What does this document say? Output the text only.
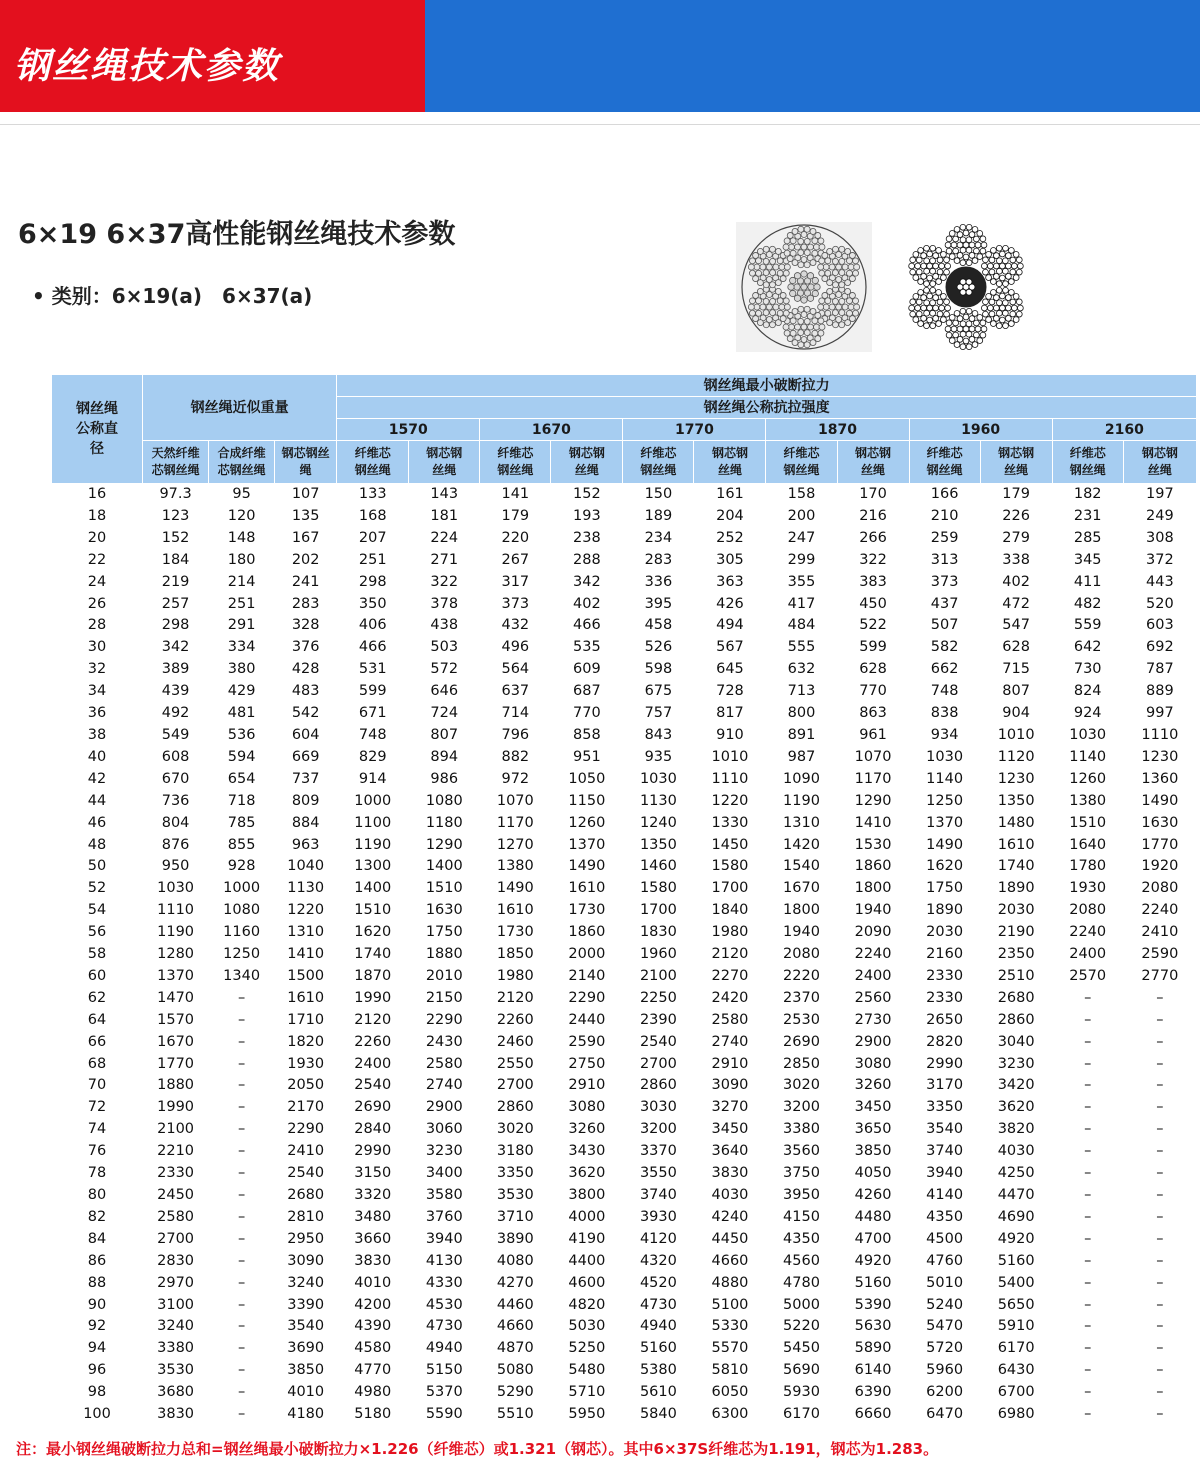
钢丝绳技术参数
6×19 6×37高性能钢丝绳技术参数
• 类别：6×19(a)　6×37(a)
钢丝绳公称直径	钢丝绳近似重量			钢丝绳最小破断拉力											
				钢丝绳公称抗拉强度											
				1570		1670		1770		1870		1960		2160	
	天然纤维芯钢丝绳	合成纤维芯钢丝绳	钢芯钢丝绳	纤维芯钢丝绳	钢芯钢丝绳	纤维芯钢丝绳	钢芯钢丝绳	纤维芯钢丝绳	钢芯钢丝绳	纤维芯钢丝绳	钢芯钢丝绳	纤维芯钢丝绳	钢芯钢丝绳	纤维芯钢丝绳	钢芯钢丝绳
16	97.3	95	107	133	143	141	152	150	161	158	170	166	179	182	197
18	123	120	135	168	181	179	193	189	204	200	216	210	226	231	249
20	152	148	167	207	224	220	238	234	252	247	266	259	279	285	308
22	184	180	202	251	271	267	288	283	305	299	322	313	338	345	372
24	219	214	241	298	322	317	342	336	363	355	383	373	402	411	443
26	257	251	283	350	378	373	402	395	426	417	450	437	472	482	520
28	298	291	328	406	438	432	466	458	494	484	522	507	547	559	603
30	342	334	376	466	503	496	535	526	567	555	599	582	628	642	692
32	389	380	428	531	572	564	609	598	645	632	628	662	715	730	787
34	439	429	483	599	646	637	687	675	728	713	770	748	807	824	889
36	492	481	542	671	724	714	770	757	817	800	863	838	904	924	997
38	549	536	604	748	807	796	858	843	910	891	961	934	1010	1030	1110
40	608	594	669	829	894	882	951	935	1010	987	1070	1030	1120	1140	1230
42	670	654	737	914	986	972	1050	1030	1110	1090	1170	1140	1230	1260	1360
44	736	718	809	1000	1080	1070	1150	1130	1220	1190	1290	1250	1350	1380	1490
46	804	785	884	1100	1180	1170	1260	1240	1330	1310	1410	1370	1480	1510	1630
48	876	855	963	1190	1290	1270	1370	1350	1450	1420	1530	1490	1610	1640	1770
50	950	928	1040	1300	1400	1380	1490	1460	1580	1540	1860	1620	1740	1780	1920
52	1030	1000	1130	1400	1510	1490	1610	1580	1700	1670	1800	1750	1890	1930	2080
54	1110	1080	1220	1510	1630	1610	1730	1700	1840	1800	1940	1890	2030	2080	2240
56	1190	1160	1310	1620	1750	1730	1860	1830	1980	1940	2090	2030	2190	2240	2410
58	1280	1250	1410	1740	1880	1850	2000	1960	2120	2080	2240	2160	2350	2400	2590
60	1370	1340	1500	1870	2010	1980	2140	2100	2270	2220	2400	2330	2510	2570	2770
62	1470	–	1610	1990	2150	2120	2290	2250	2420	2370	2560	2330	2680	–	–
64	1570	–	1710	2120	2290	2260	2440	2390	2580	2530	2730	2650	2860	–	–
66	1670	–	1820	2260	2430	2460	2590	2540	2740	2690	2900	2820	3040	–	–
68	1770	–	1930	2400	2580	2550	2750	2700	2910	2850	3080	2990	3230	–	–
70	1880	–	2050	2540	2740	2700	2910	2860	3090	3020	3260	3170	3420	–	–
72	1990	–	2170	2690	2900	2860	3080	3030	3270	3200	3450	3350	3620	–	–
74	2100	–	2290	2840	3060	3020	3260	3200	3450	3380	3650	3540	3820	–	–
76	2210	–	2410	2990	3230	3180	3430	3370	3640	3560	3850	3740	4030	–	–
78	2330	–	2540	3150	3400	3350	3620	3550	3830	3750	4050	3940	4250	–	–
80	2450	–	2680	3320	3580	3530	3800	3740	4030	3950	4260	4140	4470	–	–
82	2580	–	2810	3480	3760	3710	4000	3930	4240	4150	4480	4350	4690	–	–
84	2700	–	2950	3660	3940	3890	4190	4120	4450	4350	4700	4500	4920	–	–
86	2830	–	3090	3830	4130	4080	4400	4320	4660	4560	4920	4760	5160	–	–
88	2970	–	3240	4010	4330	4270	4600	4520	4880	4780	5160	5010	5400	–	–
90	3100	–	3390	4200	4530	4460	4820	4730	5100	5000	5390	5240	5650	–	–
92	3240	–	3540	4390	4730	4660	5030	4940	5330	5220	5630	5470	5910	–	–
94	3380	–	3690	4580	4940	4870	5250	5160	5570	5450	5890	5720	6170	–	–
96	3530	–	3850	4770	5150	5080	5480	5380	5810	5690	6140	5960	6430	–	–
98	3680	–	4010	4980	5370	5290	5710	5610	6050	5930	6390	6200	6700	–	–
100	3830	–	4180	5180	5590	5510	5950	5840	6300	6170	6660	6470	6980	–	–
注：最小钢丝绳破断拉力总和=钢丝绳最小破断拉力×1.226（纤维芯）或1.321（钢芯）。其中6×37S纤维芯为1.191，钢芯为1.283。
